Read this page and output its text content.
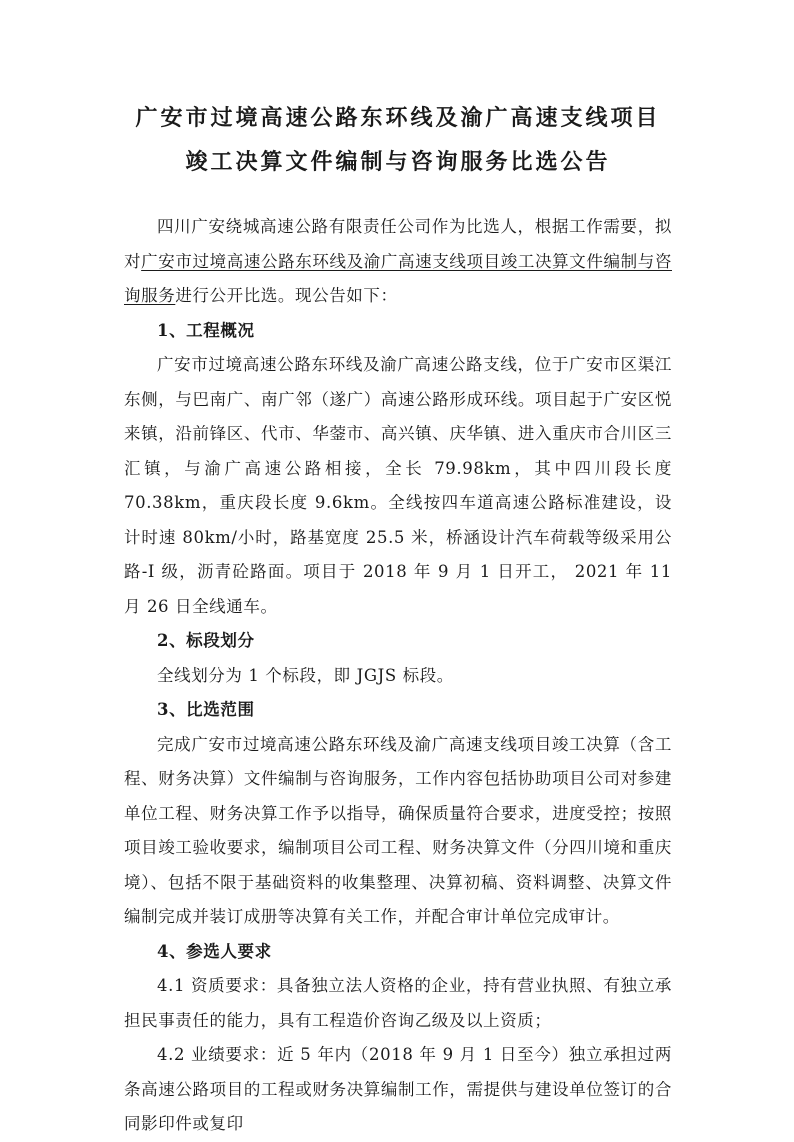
广安市过境高速公路东环线及渝广高速支线项目
竣工决算文件编制与咨询服务比选公告

四川广安绕城高速公路有限责任公司作为比选人，根据工作需要，拟对广安市过境高速公路东环线及渝广高速支线项目竣工决算文件编制与咨询服务进行公开比选。现公告如下：

1、工程概况

广安市过境高速公路东环线及渝广高速公路支线，位于广安市区渠江东侧，与巴南广、南广邻（遂广）高速公路形成环线。项目起于广安区悦来镇，沿前锋区、代市、华蓥市、高兴镇、庆华镇、进入重庆市合川区三汇镇，与渝广高速公路相接，全长 79.98km，其中四川段长度 70.38km，重庆段长度 9.6km。全线按四车道高速公路标准建设，设计时速 80km/小时，路基宽度 25.5 米，桥涵设计汽车荷载等级采用公路-I 级，沥青砼路面。项目于 2018 年 9 月 1 日开工， 2021 年 11 月 26 日全线通车。

2、标段划分

全线划分为 1 个标段，即 JGJS 标段。

3、比选范围

完成广安市过境高速公路东环线及渝广高速支线项目竣工决算（含工程、财务决算）文件编制与咨询服务，工作内容包括协助项目公司对参建单位工程、财务决算工作予以指导，确保质量符合要求，进度受控；按照项目竣工验收要求，编制项目公司工程、财务决算文件（分四川境和重庆境）、包括不限于基础资料的收集整理、决算初稿、资料调整、决算文件编制完成并装订成册等决算有关工作，并配合审计单位完成审计。

4、参选人要求

4.1 资质要求：具备独立法人资格的企业，持有营业执照、有独立承担民事责任的能力，具有工程造价咨询乙级及以上资质；

4.2 业绩要求：近 5 年内（2018 年 9 月 1 日至今）独立承担过两条高速公路项目的工程或财务决算编制工作，需提供与建设单位签订的合同影印件或复印
